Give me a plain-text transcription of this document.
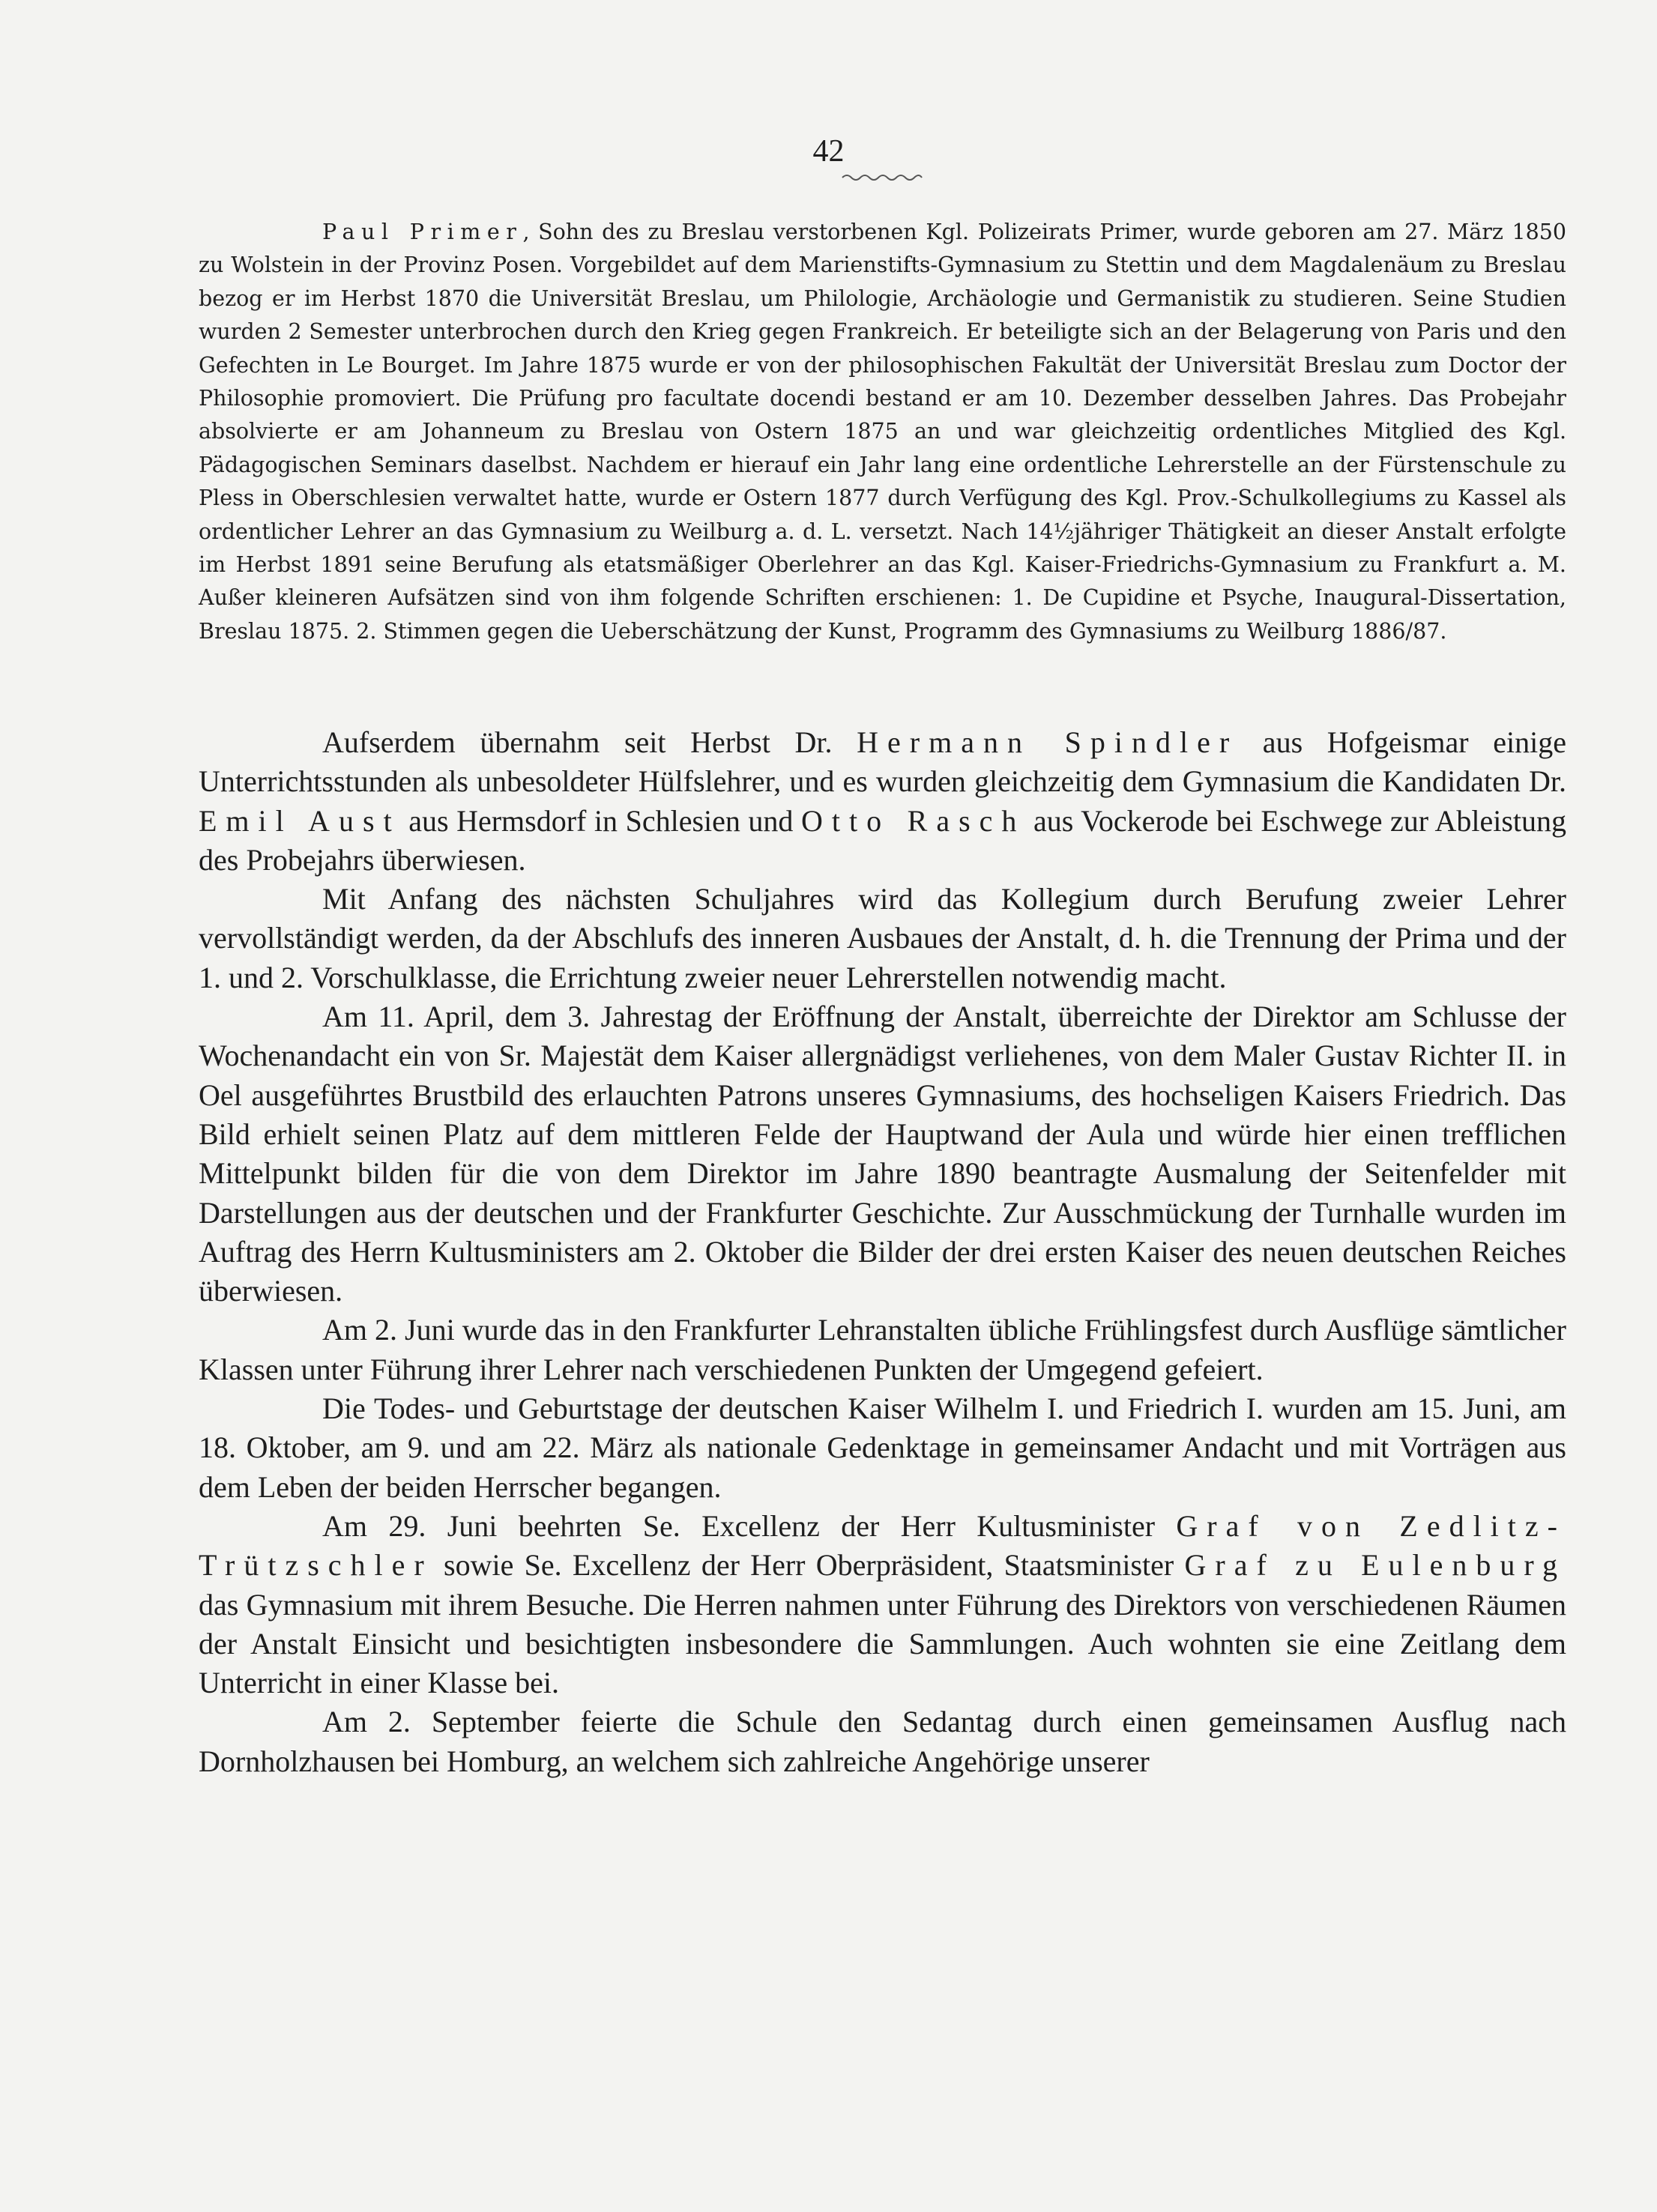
42
Paul Primer, Sohn des zu Breslau verstorbenen Kgl. Polizeirats Primer, wurde geboren am 27. März 1850 zu Wolstein in der Provinz Posen. Vorgebildet auf dem Marienstifts-Gymnasium zu Stettin und dem Magdalenäum zu Breslau bezog er im Herbst 1870 die Universität Breslau, um Philologie, Archäologie und Germanistik zu studieren. Seine Studien wurden 2 Semester unterbrochen durch den Krieg gegen Frankreich. Er beteiligte sich an der Belagerung von Paris und den Gefechten in Le Bourget. Im Jahre 1875 wurde er von der philosophischen Fakultät der Universität Breslau zum Doctor der Philosophie promoviert. Die Prüfung pro facultate docendi bestand er am 10. Dezember desselben Jahres. Das Probejahr absolvierte er am Johanneum zu Breslau von Ostern 1875 an und war gleichzeitig ordentliches Mitglied des Kgl. Pädagogischen Seminars daselbst. Nachdem er hierauf ein Jahr lang eine ordentliche Lehrerstelle an der Fürstenschule zu Pless in Oberschlesien verwaltet hatte, wurde er Ostern 1877 durch Verfügung des Kgl. Prov.-Schulkollegiums zu Kassel als ordentlicher Lehrer an das Gymnasium zu Weilburg a. d. L. versetzt. Nach 14½jähriger Thätigkeit an dieser Anstalt erfolgte im Herbst 1891 seine Berufung als etatsmäßiger Oberlehrer an das Kgl. Kaiser-Friedrichs-Gymnasium zu Frankfurt a. M. Außer kleineren Aufsätzen sind von ihm folgende Schriften erschienen: 1. De Cupidine et Psyche, Inaugural-Dissertation, Breslau 1875. 2. Stimmen gegen die Ueberschätzung der Kunst, Programm des Gymnasiums zu Weilburg 1886/87.

Aufserdem übernahm seit Herbst Dr. Hermann Spindler aus Hofgeismar einige Unterrichtsstunden als unbesoldeter Hülfslehrer, und es wurden gleichzeitig dem Gymnasium die Kandidaten Dr. Emil Aust aus Hermsdorf in Schlesien und Otto Rasch aus Vockerode bei Eschwege zur Ableistung des Probejahrs überwiesen.

Mit Anfang des nächsten Schuljahres wird das Kollegium durch Berufung zweier Lehrer vervollständigt werden, da der Abschlufs des inneren Ausbaues der Anstalt, d. h. die Trennung der Prima und der 1. und 2. Vorschulklasse, die Errichtung zweier neuer Lehrerstellen notwendig macht.

Am 11. April, dem 3. Jahrestag der Eröffnung der Anstalt, überreichte der Direktor am Schlusse der Wochenandacht ein von Sr. Majestät dem Kaiser allergnädigst verliehenes, von dem Maler Gustav Richter II. in Oel ausgeführtes Brustbild des erlauchten Patrons unseres Gymnasiums, des hochseligen Kaisers Friedrich. Das Bild erhielt seinen Platz auf dem mittleren Felde der Hauptwand der Aula und würde hier einen trefflichen Mittelpunkt bilden für die von dem Direktor im Jahre 1890 beantragte Ausmalung der Seitenfelder mit Darstellungen aus der deutschen und der Frankfurter Geschichte. Zur Ausschmückung der Turnhalle wurden im Auftrag des Herrn Kultusministers am 2. Oktober die Bilder der drei ersten Kaiser des neuen deutschen Reiches überwiesen.

Am 2. Juni wurde das in den Frankfurter Lehranstalten übliche Frühlingsfest durch Ausflüge sämtlicher Klassen unter Führung ihrer Lehrer nach verschiedenen Punkten der Umgegend gefeiert.

Die Todes- und Geburtstage der deutschen Kaiser Wilhelm I. und Friedrich I. wurden am 15. Juni, am 18. Oktober, am 9. und am 22. März als nationale Gedenktage in gemeinsamer Andacht und mit Vorträgen aus dem Leben der beiden Herrscher begangen.

Am 29. Juni beehrten Se. Excellenz der Herr Kultusminister Graf von Zedlitz-Trützschler sowie Se. Excellenz der Herr Oberpräsident, Staatsminister Graf zu Eulenburg das Gymnasium mit ihrem Besuche. Die Herren nahmen unter Führung des Direktors von verschiedenen Räumen der Anstalt Einsicht und besichtigten insbesondere die Sammlungen. Auch wohnten sie eine Zeitlang dem Unterricht in einer Klasse bei.

Am 2. September feierte die Schule den Sedantag durch einen gemeinsamen Ausflug nach Dornholzhausen bei Homburg, an welchem sich zahlreiche Angehörige unserer
